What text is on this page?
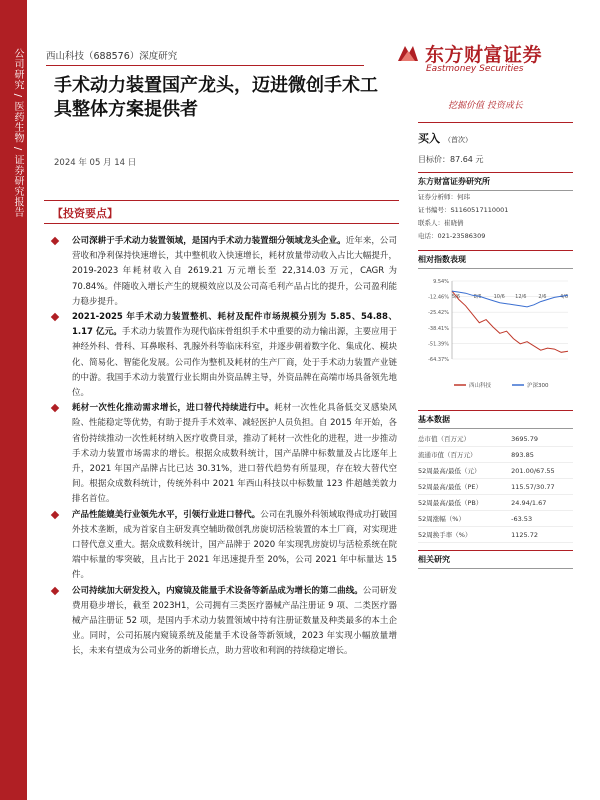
公司研究 / 医药生物 / 证券研究报告 西山科技（688576）深度研究	东方财富证券
Eastmoney Securities
手术动力装置国产龙头，迈进微创手术工具整体方案提供者	挖掘价值 投资成长
2024 年 05 月 14 日
买入 （首次）
目标价：87.64 元
东方财富证券研究所
证券分析师：何玮
证书编号：S1160517110001
联系人：崔晓倩
电话：021-23586309
相对指数表现
9.54%
-12.46%
-25.42%
-38.41%
-51.39%
-64.37%
5/6	8/6 10/6 12/6 2/6	4/6
西山科技	沪深300
基本数据
总市值（百万元）	3695.79
流通市值（百万元）	893.85
52周最高/最低（元）	201.00/67.55
52周最高/最低（PE）	115.57/30.77
52周最高/最低（PB）	24.94/1.67
52周涨幅（%）	-63.53
52周换手率（%）	1125.72
相关研究
【投资要点】
公司深耕于手术动力装置领域，是国内手术动力装置细分领域龙头企业。近年来，公司营收和净利保持快速增长，其中整机收入快速增长，耗材放量带动收入占比大幅提升，2019-2023 年耗材收入自 2619.21 万元增长至 22,314.03 万元，CAGR 为 70.84%。伴随收入增长产生的规模效应以及公司高毛利产品占比的提升，公司盈利能力稳步提升。
2021-2025 年手术动力装置整机、耗材及配件市场规模分别为 5.85、54.88、1.17 亿元。手术动力装置作为现代临床骨组织手术中重要的动力输出源，主要应用于神经外科、骨科、耳鼻喉科、乳腺外科等临床科室，并逐步朝着数字化、集成化、模块化、简易化、智能化发展。公司作为整机及耗材的生产厂商，处于手术动力装置产业链的中游。我国手术动力装置行业长期由外资品牌主导，外资品牌在高端市场具备领先地位。
耗材一次性化推动需求增长，进口替代持续进行中。耗材一次性化具备低交叉感染风险、性能稳定等优势，有助于提升手术效率、减轻医护人员负担。自 2015 年开始，各省份持续推动一次性耗材纳入医疗收费目录，推动了耗材一次性化的进程，进一步推动手术动力装置市场需求的增长。根据众成数科统计，国产品牌中标数量及占比逐年上升，2021 年国产品牌占比已达 30.31%，进口替代趋势有所显现，存在较大替代空间。根据众成数科统计，传统外科中 2021 年西山科技以中标数量 123 件超越美敦力排名首位。
产品性能媲美行业领先水平，引领行业进口替代。公司在乳腺外科领域取得成功打破国外技术垄断，成为首家自主研发真空辅助微创乳房旋切活检装置的本土厂商，对实现进口替代意义重大。据众成数科统计，国产品牌于 2020 年实现乳房旋切与活检系统在院端中标量的零突破，且占比于 2021 年迅速提升至 20%，公司 2021 年中标量达 15 件。
公司持续加大研发投入，内窥镜及能量手术设备等新品成为增长的第二曲线。公司研发费用稳步增长，截至 2023H1，公司拥有三类医疗器械产品注册证 9 项、二类医疗器械产品注册证 52 项，是国内手术动力装置领域中持有注册证数量及种类最多的本土企业。同时，公司拓展内窥镜系统及能量手术设备等新领域，2023 年实现小幅放量增长，未来有望成为公司业务的新增长点，助力营收和利润的持续稳定增长。
